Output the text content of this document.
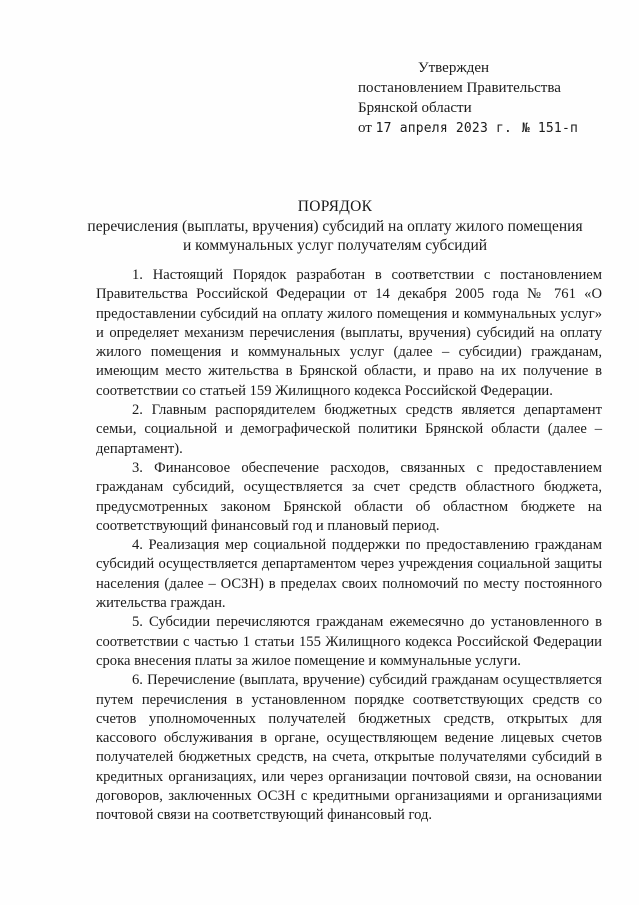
Утвержден
постановлением Правительства
Брянской области
от 17 апреля 2023 г. № 151-п
ПОРЯДОК
перечисления (выплаты, вручения) субсидий на оплату жилого помещения
и коммунальных услуг получателям субсидий

1. Настоящий Порядок разработан в соответствии с постановлением Правительства Российской Федерации от 14 декабря 2005 года № 761 «О предоставлении субсидий на оплату жилого помещения и коммунальных услуг» и определяет механизм перечисления (выплаты, вручения) субсидий на оплату жилого помещения и коммунальных услуг (далее – субсидии) гражданам, имеющим место жительства в Брянской области, и право на их получение в соответствии со статьей 159 Жилищного кодекса Российской Федерации.

2. Главным распорядителем бюджетных средств является департамент семьи, социальной и демографической политики Брянской области (далее – департамент).

3. Финансовое обеспечение расходов, связанных с предоставлением гражданам субсидий, осуществляется за счет средств областного бюджета, предусмотренных законом Брянской области об областном бюджете на соответствующий финансовый год и плановый период.

4. Реализация мер социальной поддержки по предоставлению гражданам субсидий осуществляется департаментом через учреждения социальной защиты населения (далее – ОСЗН) в пределах своих полномочий по месту постоянного жительства граждан.

5. Субсидии перечисляются гражданам ежемесячно до установленного в соответствии с частью 1 статьи 155 Жилищного кодекса Российской Федерации срока внесения платы за жилое помещение и коммунальные услуги.

6. Перечисление (выплата, вручение) субсидий гражданам осуществляется путем перечисления в установленном порядке соответствующих средств со счетов уполномоченных получателей бюджетных средств, открытых для кассового обслуживания в органе, осуществляющем ведение лицевых счетов получателей бюджетных средств, на счета, открытые получателями субсидий в кредитных организациях, или через организации почтовой связи, на основании договоров, заключенных ОСЗН с кредитными организациями и организациями почтовой связи на соответствующий финансовый год.
